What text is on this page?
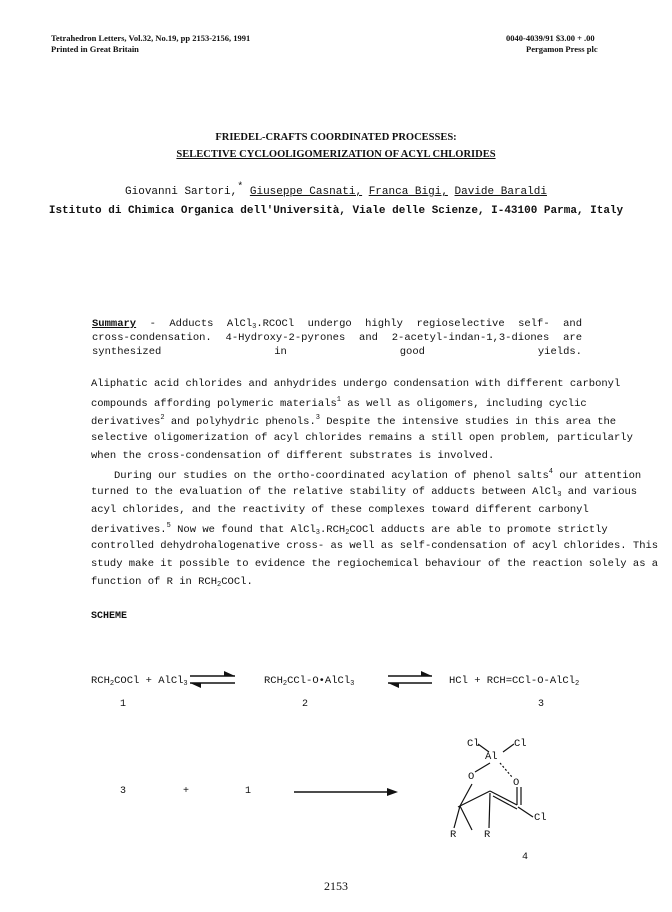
Tetrahedron Letters, Vol.32, No.19, pp 2153-2156, 1991
Printed in Great Britain
0040-4039/91 $3.00 + .00
Pergamon Press plc
FRIEDEL-CRAFTS COORDINATED PROCESSES:
SELECTIVE CYCLOOLIGOMERIZATION OF ACYL CHLORIDES
Giovanni Sartori,* Giuseppe Casnati, Franca Bigi, Davide Baraldi
Istituto di Chimica Organica dell'Università, Viale delle Scienze, I-43100 Parma, Italy
Summary - Adducts AlCl$_3$.RCOCl undergo highly regioselective self- and
cross-condensation. 4-Hydroxy-2-pyrones and 2-acetyl-indan-1,3-diones are
synthesized in good yields.
Aliphatic acid chlorides and anhydrides undergo condensation with different carbonyl
compounds affording polymeric materials$^1$ as well as oligomers, including cyclic
derivatives$^2$ and polyhydric phenols.$^3$ Despite the intensive studies in this area the
selective oligomerization of acyl chlorides remains a still open problem, particularly
when the cross-condensation of different substrates is involved.
During our studies on the ortho-coordinated acylation of phenol salts$^4$ our attention
turned to the evaluation of the relative stability of adducts between AlCl$_3$ and various
acyl chlorides, and the reactivity of these complexes toward different carbonyl
derivatives.$^5$ Now we found that $AlCl_3.RCH_2COCl$ adducts are able to promote strictly
controlled dehydrohalogenative cross- as well as self-condensation of acyl chlorides. This
study make it possible to evidence the regiochemical behaviour of the reaction solely as a
function of R in $RCH_2COCl$.
SCHEME
$RCH_2COCl$ + AlCl$_3$	$RCH_2CCl-O•AlCl_3$	HCl + RCH=CCl-O-AlCl$_2$
1	2	3
Cl	Cl
Al
O	O
Cl
R	R
3	+	1
4
2153
